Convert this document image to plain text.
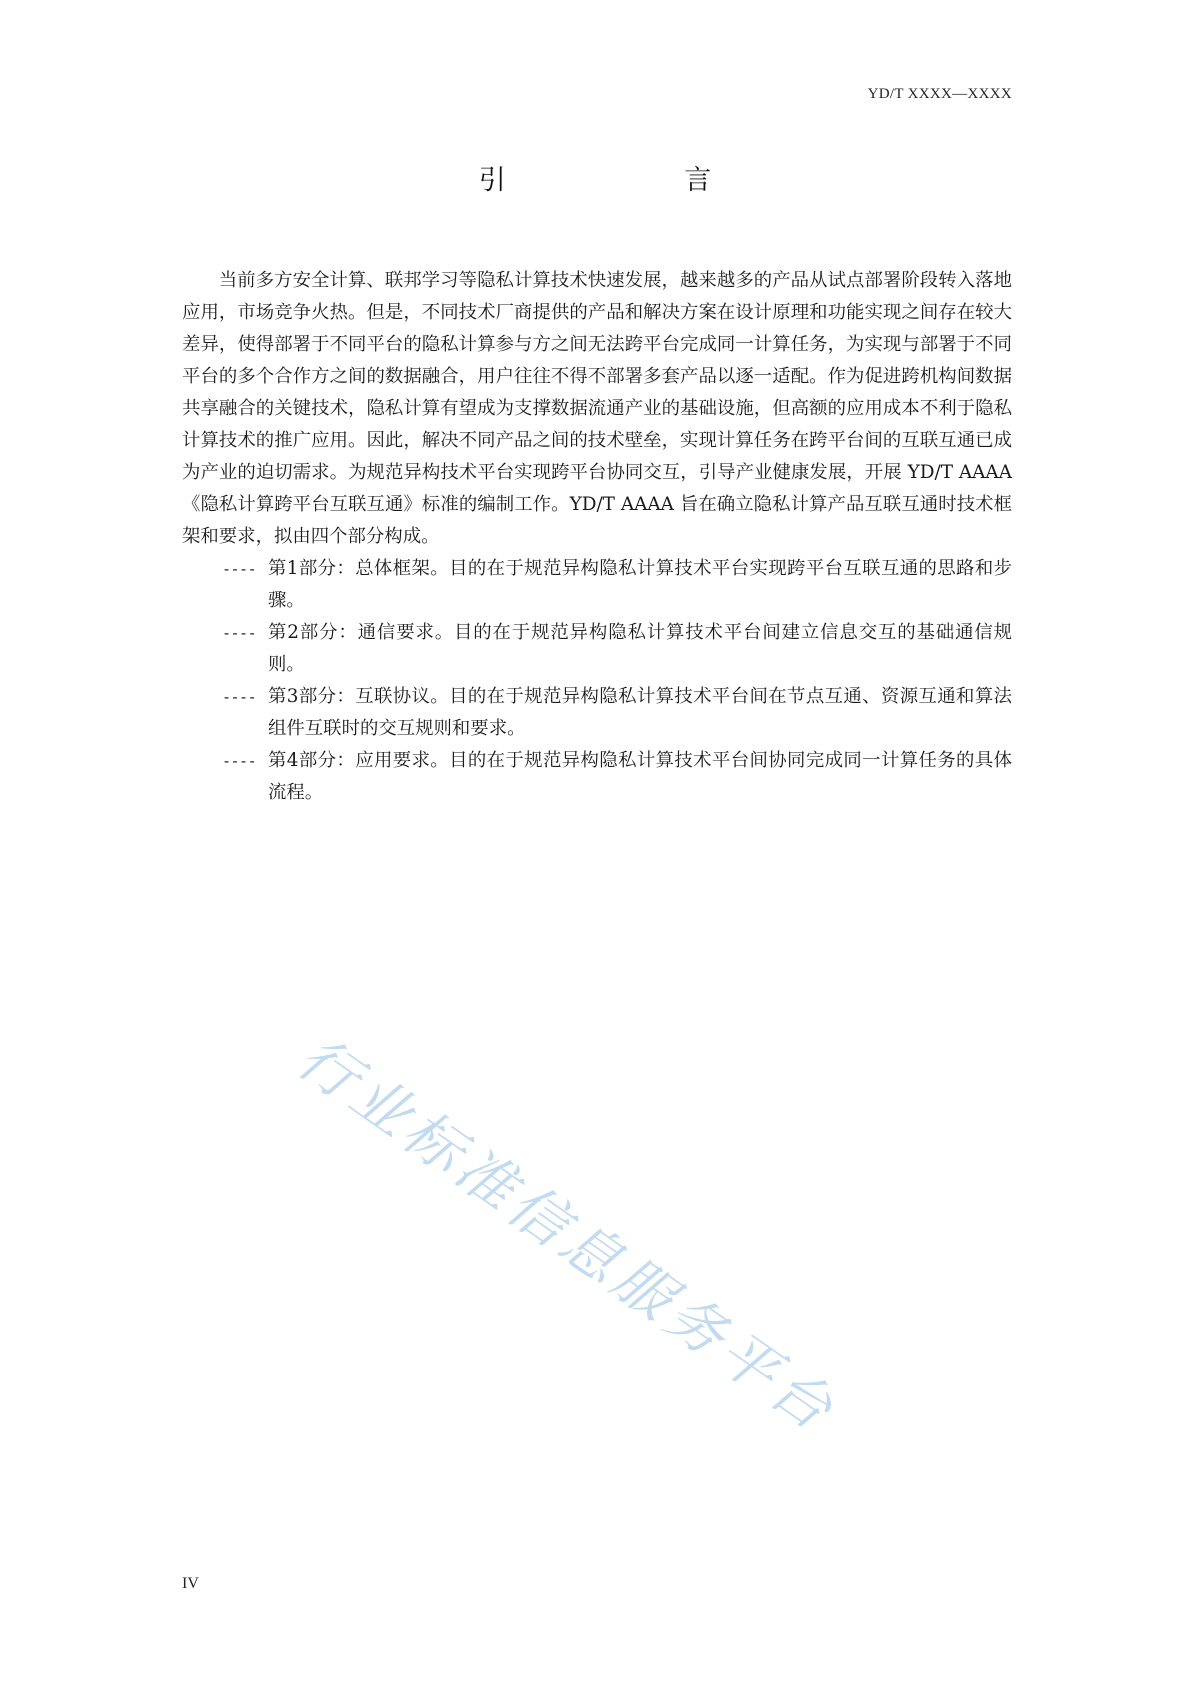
YD/T XXXX—XXXX
引 言

当前多方安全计算、联邦学习等隐私计算技术快速发展，越来越多的产品从试点部署阶段转入落地应用，市场竞争火热。但是，不同技术厂商提供的产品和解决方案在设计原理和功能实现之间存在较大差异，使得部署于不同平台的隐私计算参与方之间无法跨平台完成同一计算任务，为实现与部署于不同平台的多个合作方之间的数据融合，用户往往不得不部署多套产品以逐一适配。作为促进跨机构间数据共享融合的关键技术，隐私计算有望成为支撑数据流通产业的基础设施，但高额的应用成本不利于隐私计算技术的推广应用。因此，解决不同产品之间的技术壁垒，实现计算任务在跨平台间的互联互通已成为产业的迫切需求。为规范异构技术平台实现跨平台协同交互，引导产业健康发展，开展 YD/T AAAA《隐私计算跨平台互联互通》标准的编制工作。YD/T AAAA 旨在确立隐私计算产品互联互通时技术框架和要求，拟由四个部分构成。

---- 第1部分：总体框架。目的在于规范异构隐私计算技术平台实现跨平台互联互通的思路和步骤。
---- 第2部分：通信要求。目的在于规范异构隐私计算技术平台间建立信息交互的基础通信规则。
---- 第3部分：互联协议。目的在于规范异构隐私计算技术平台间在节点互通、资源互通和算法组件互联时的交互规则和要求。
---- 第4部分：应用要求。目的在于规范异构隐私计算技术平台间协同完成同一计算任务的具体流程。
行业标准信息服务平台
IV
